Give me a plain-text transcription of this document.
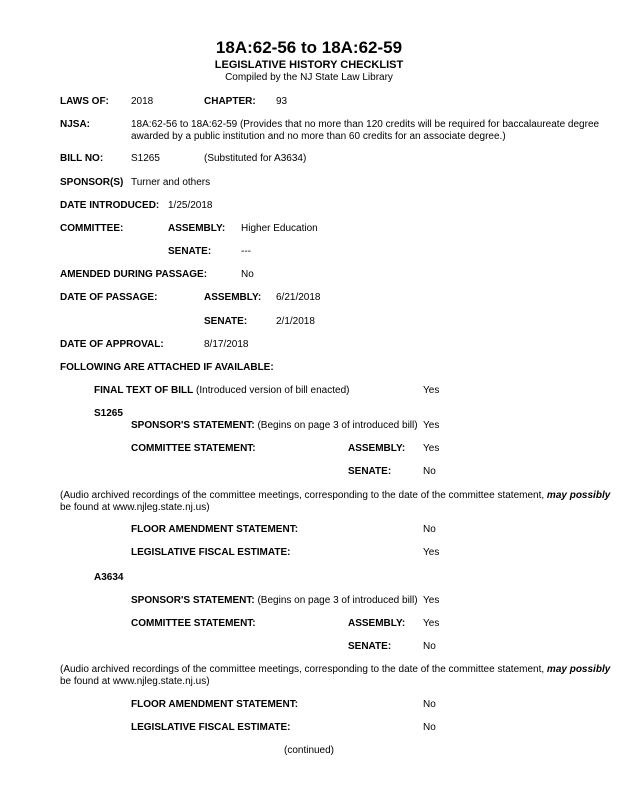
18A:62-56 to 18A:62-59
LEGISLATIVE HISTORY CHECKLIST
Compiled by the NJ State Law Library
LAWS OF: 2018	CHAPTER: 93
NJSA:	18A:62-56 to 18A:62-59 (Provides that no more than 120 credits will be required for baccalaureate degree
awarded by a public institution and no more than 60 credits for an associate degree.)
BILL NO:	S1265	(Substituted for A3634)
SPONSOR(S) Turner and others
DATE INTRODUCED: 1/25/2018
COMMITTEE:	ASSEMBLY: Higher Education
SENATE:	---
AMENDED DURING PASSAGE:	No
DATE OF PASSAGE:	ASSEMBLY: 6/21/2018
SENATE:	2/1/2018
DATE OF APPROVAL:	8/17/2018
FOLLOWING ARE ATTACHED IF AVAILABLE:
FINAL TEXT OF BILL (Introduced version of bill enacted)	Yes
S1265
SPONSOR'S STATEMENT: (Begins on page 3 of introduced bill) Yes
COMMITTEE STATEMENT:	ASSEMBLY: Yes
SENATE:	No
(Audio archived recordings of the committee meetings, corresponding to the date of the committee statement, may possibly
be found at www.njleg.state.nj.us)
FLOOR AMENDMENT STATEMENT:	No
LEGISLATIVE FISCAL ESTIMATE:	Yes
A3634
SPONSOR'S STATEMENT: (Begins on page 3 of introduced bill) Yes
COMMITTEE STATEMENT:	ASSEMBLY: Yes
SENATE:	No
(Audio archived recordings of the committee meetings, corresponding to the date of the committee statement, may possibly
be found at www.njleg.state.nj.us)
FLOOR AMENDMENT STATEMENT:	No
LEGISLATIVE FISCAL ESTIMATE:	No
(continued)
